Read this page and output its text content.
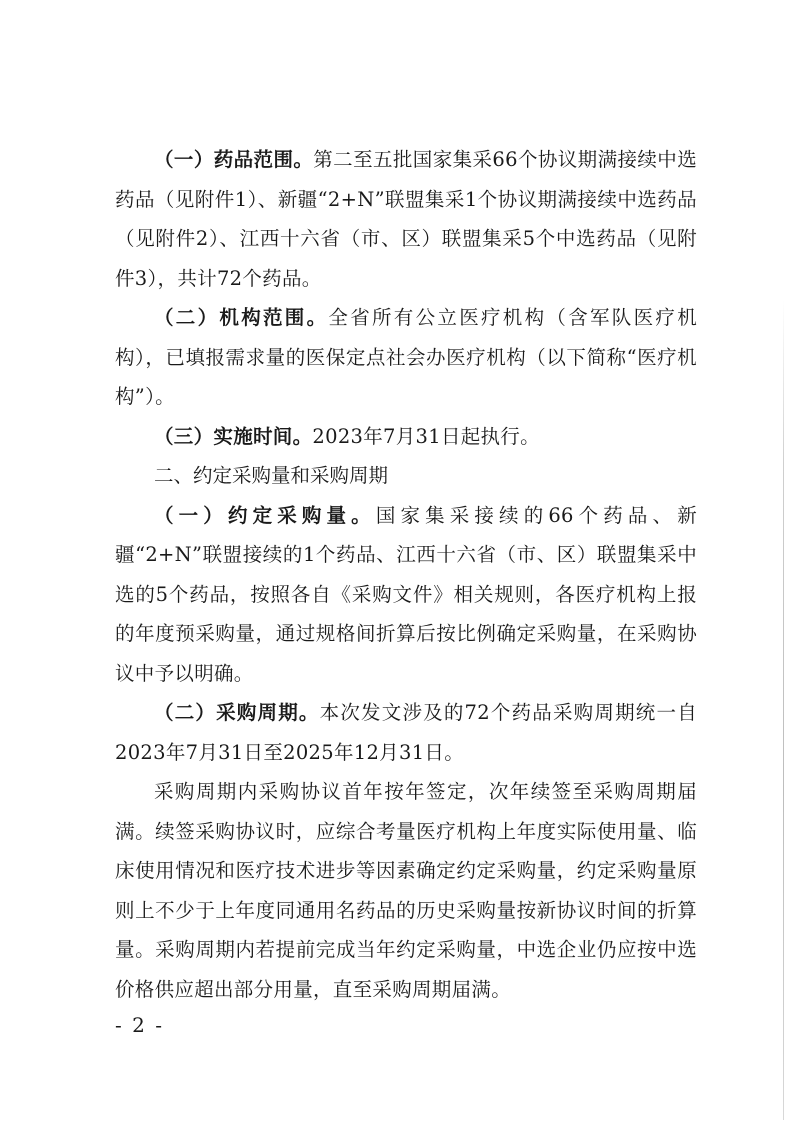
（一）药品范围。第二至五批国家集采66个协议期满接续中选药品（见附件1）、新疆“2+N”联盟集采1个协议期满接续中选药品（见附件2）、江西十六省（市、区）联盟集采5个中选药品（见附件3），共计72个药品。

（二）机构范围。全省所有公立医疗机构（含军队医疗机构），已填报需求量的医保定点社会办医疗机构（以下简称“医疗机构”）。

（三）实施时间。2023年7月31日起执行。

二、约定采购量和采购周期

（一）约定采购量。国家集采接续的66个药品、新疆“2+N”联盟接续的1个药品、江西十六省（市、区）联盟集采中选的5个药品，按照各自《采购文件》相关规则，各医疗机构上报的年度预采购量，通过规格间折算后按比例确定采购量，在采购协议中予以明确。

（二）采购周期。本次发文涉及的72个药品采购周期统一自2023年7月31日至2025年12月31日。

采购周期内采购协议首年按年签定，次年续签至采购周期届满。续签采购协议时，应综合考量医疗机构上年度实际使用量、临床使用情况和医疗技术进步等因素确定约定采购量，约定采购量原则上不少于上年度同通用名药品的历史采购量按新协议时间的折算量。采购周期内若提前完成当年约定采购量，中选企业仍应按中选价格供应超出部分用量，直至采购周期届满。

- 2 -
